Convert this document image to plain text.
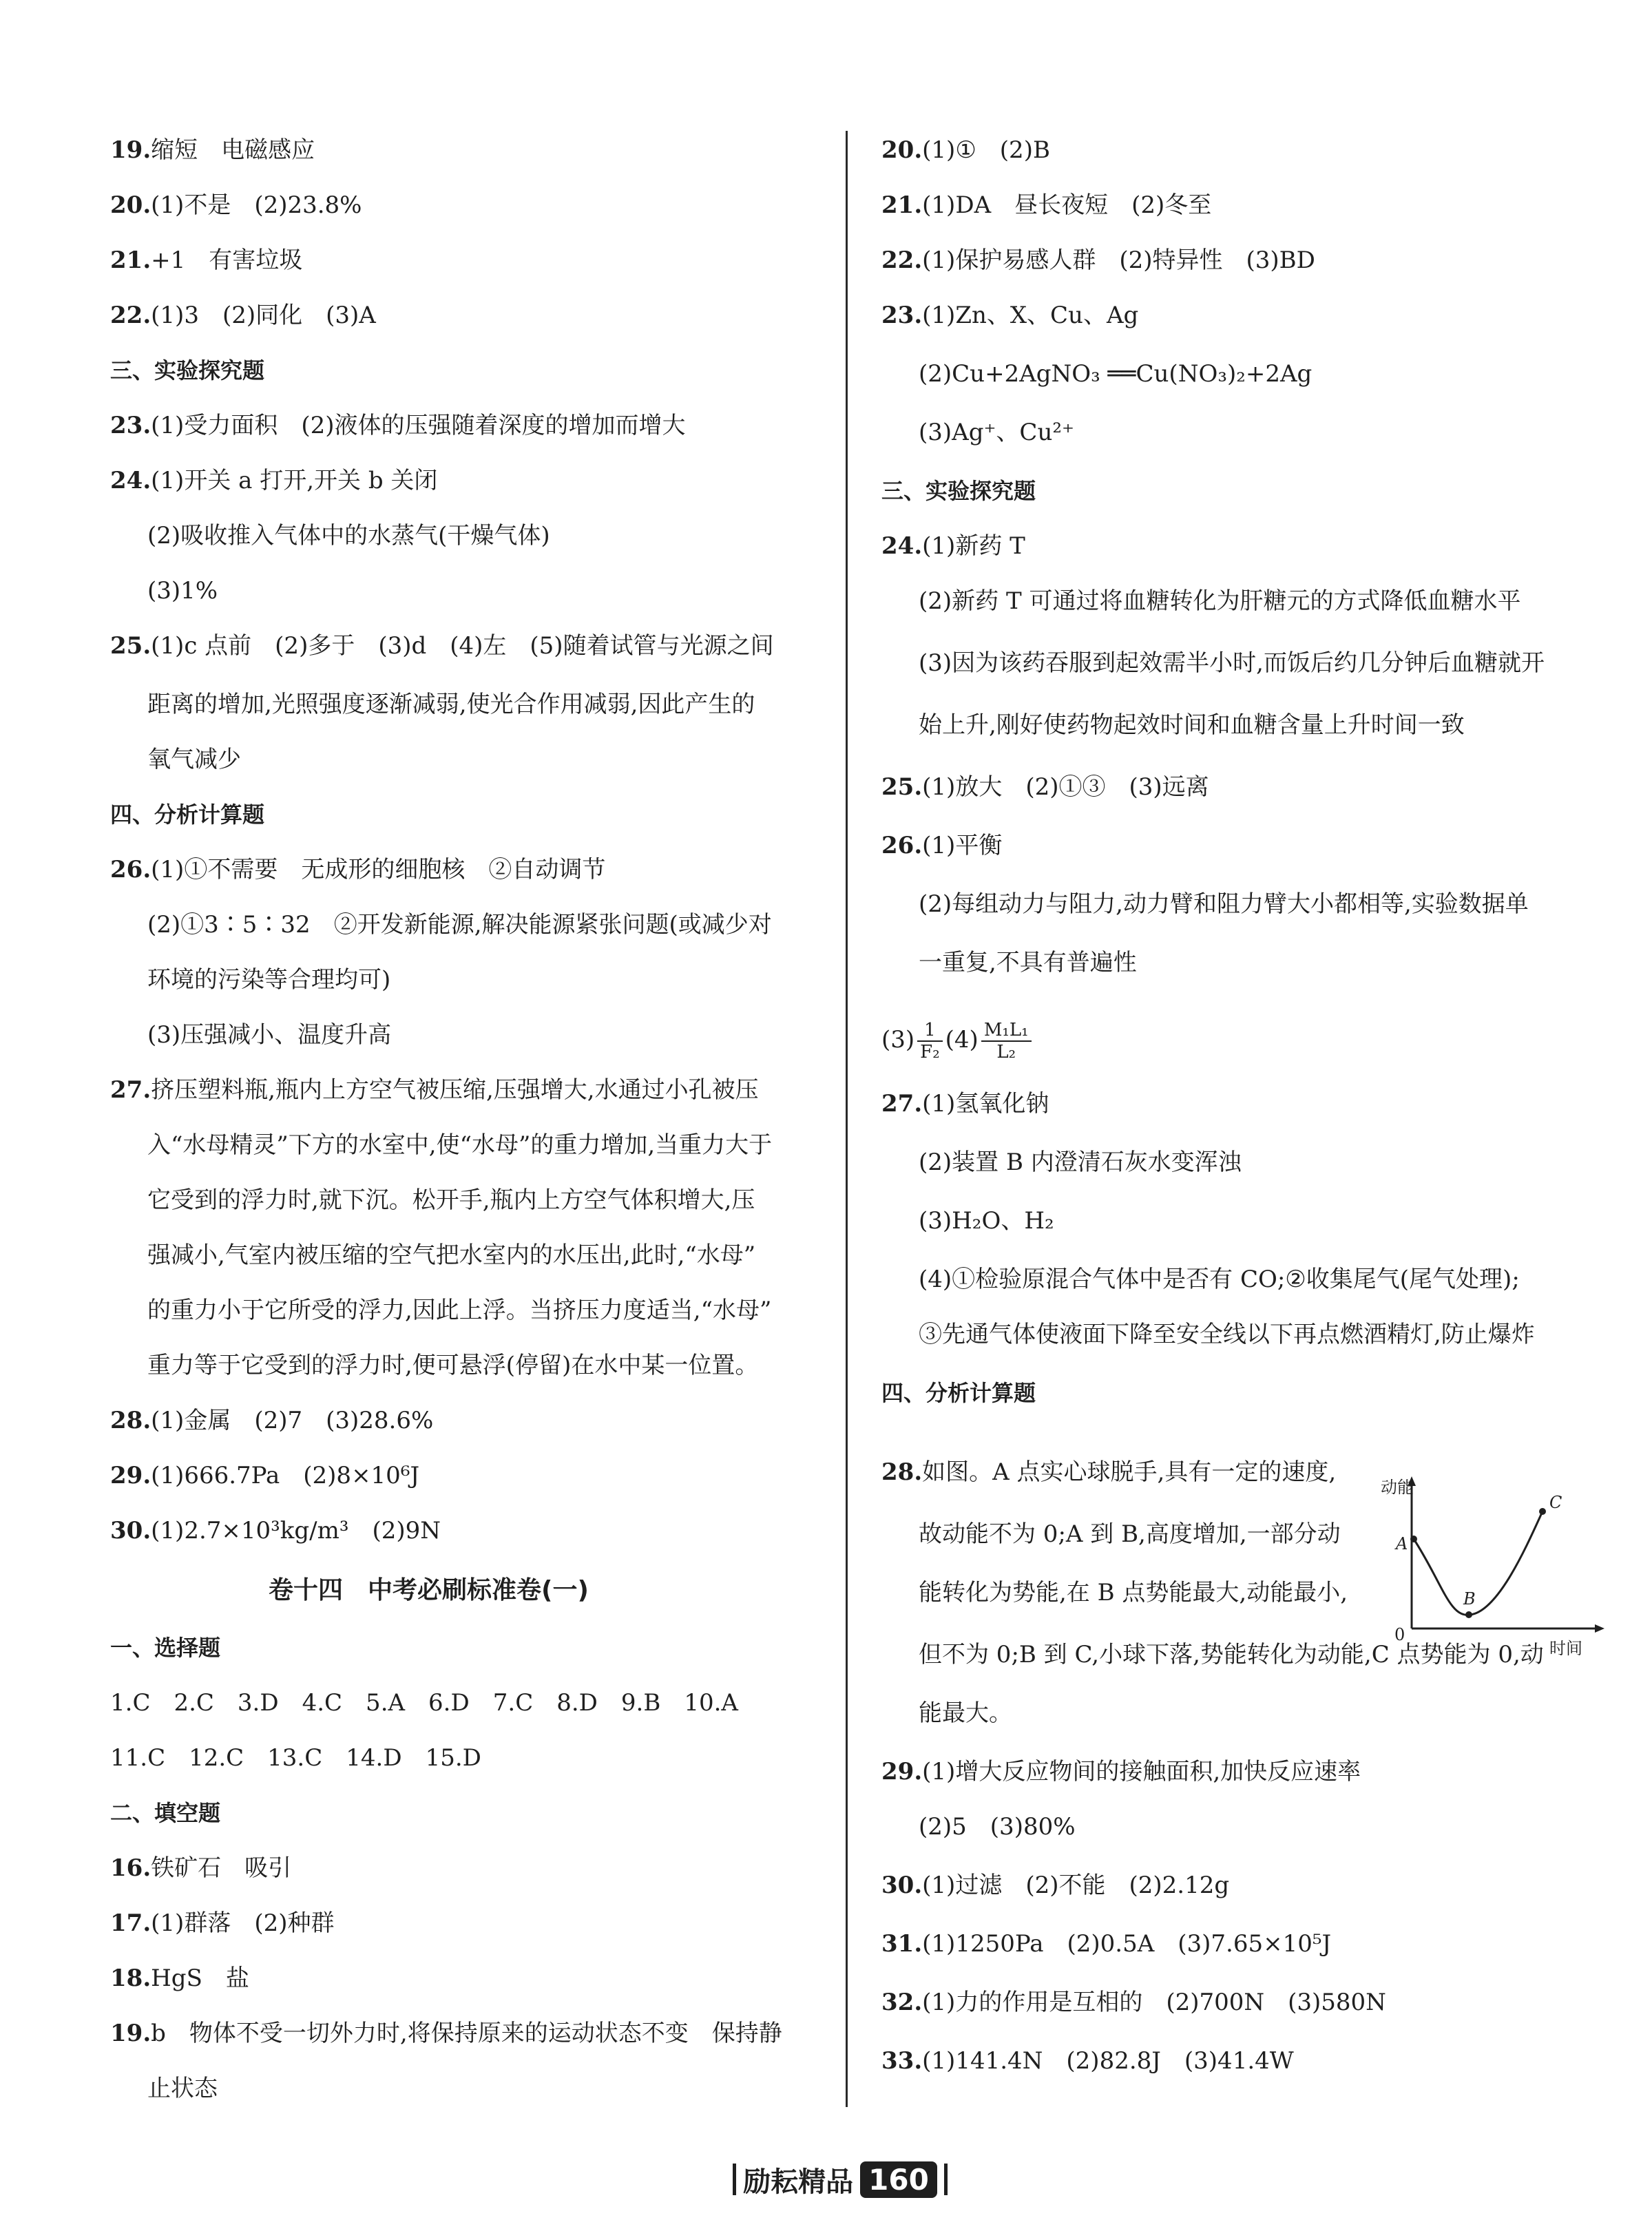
19.缩短　电磁感应
20.(1)不是　(2)23.8%
21.+1　有害垃圾
22.(1)3　(2)同化　(3)A
三、实验探究题
23.(1)受力面积　(2)液体的压强随着深度的增加而增大
24.(1)开关 a 打开,开关 b 关闭
(2)吸收推入气体中的水蒸气(干燥气体)
(3)1%
25.(1)c 点前　(2)多于　(3)d　(4)左　(5)随着试管与光源之间
距离的增加,光照强度逐渐减弱,使光合作用减弱,因此产生的
氧气减少
四、分析计算题
26.(1)①不需要　无成形的细胞核　②自动调节
(2)①3∶5∶32　②开发新能源,解决能源紧张问题(或减少对
环境的污染等合理均可)
(3)压强减小、温度升高
27.挤压塑料瓶,瓶内上方空气被压缩,压强增大,水通过小孔被压
入“水母精灵”下方的水室中,使“水母”的重力增加,当重力大于
它受到的浮力时,就下沉。松开手,瓶内上方空气体积增大,压
强减小,气室内被压缩的空气把水室内的水压出,此时,“水母”
的重力小于它所受的浮力,因此上浮。当挤压力度适当,“水母”
重力等于它受到的浮力时,便可悬浮(停留)在水中某一位置。
28.(1)金属　(2)7　(3)28.6%
29.(1)666.7Pa　(2)8×10⁶J
30.(1)2.7×10³kg/m³　(2)9N
卷十四　中考必刷标准卷(一)
一、选择题
1.C　2.C　3.D　4.C　5.A　6.D　7.C　8.D　9.B　10.A
11.C　12.C　13.C　14.D　15.D
二、填空题
16.铁矿石　吸引
17.(1)群落　(2)种群
18.HgS　盐
19.b　物体不受一切外力时,将保持原来的运动状态不变　保持静
止状态
20.(1)①　(2)B
21.(1)DA　昼长夜短　(2)冬至
22.(1)保护易感人群　(2)特异性　(3)BD
23.(1)Zn、X、Cu、Ag
(2)Cu+2AgNO₃ ══Cu(NO₃)₂+2Ag
(3)Ag⁺、Cu²⁺
三、实验探究题
24.(1)新药 T
(2)新药 T 可通过将血糖转化为肝糖元的方式降低血糖水平
(3)因为该药吞服到起效需半小时,而饭后约几分钟后血糖就开
始上升,刚好使药物起效时间和血糖含量上升时间一致
25.(1)放大　(2)①③　(3)远离
26.(1)平衡
(2)每组动力与阻力,动力臂和阻力臂大小都相等,实验数据单
一重复,不具有普遍性
$(3) \frac{1}{\text{F₂}} (4) \frac{\text{M₁L₁}}{\text{L₂}}$
27.(1)氢氧化钠
(2)装置 B 内澄清石灰水变浑浊
(3)H₂O、H₂
(4)①检验原混合气体中是否有 CO;②收集尾气(尾气处理);
③先通气体使液面下降至安全线以下再点燃酒精灯,防止爆炸
四、分析计算题
28.如图。A 点实心球脱手,具有一定的速度,
故动能不为 0;A 到 B,高度增加,一部分动
能转化为势能,在 B 点势能最大,动能最小,
但不为 0;B 到 C,小球下落,势能转化为动能,C 点势能为 0,动
能最大。
29.(1)增大反应物间的接触面积,加快反应速率
(2)5　(3)80%
30.(1)过滤　(2)不能　(2)2.12g
31.(1)1250Pa　(2)0.5A　(3)7.65×10⁵J
32.(1)力的作用是互相的　(2)700N　(3)580N
33.(1)141.4N　(2)82.8J　(3)41.4W
动能
A
B
C
0
时间
励耘精品 160
